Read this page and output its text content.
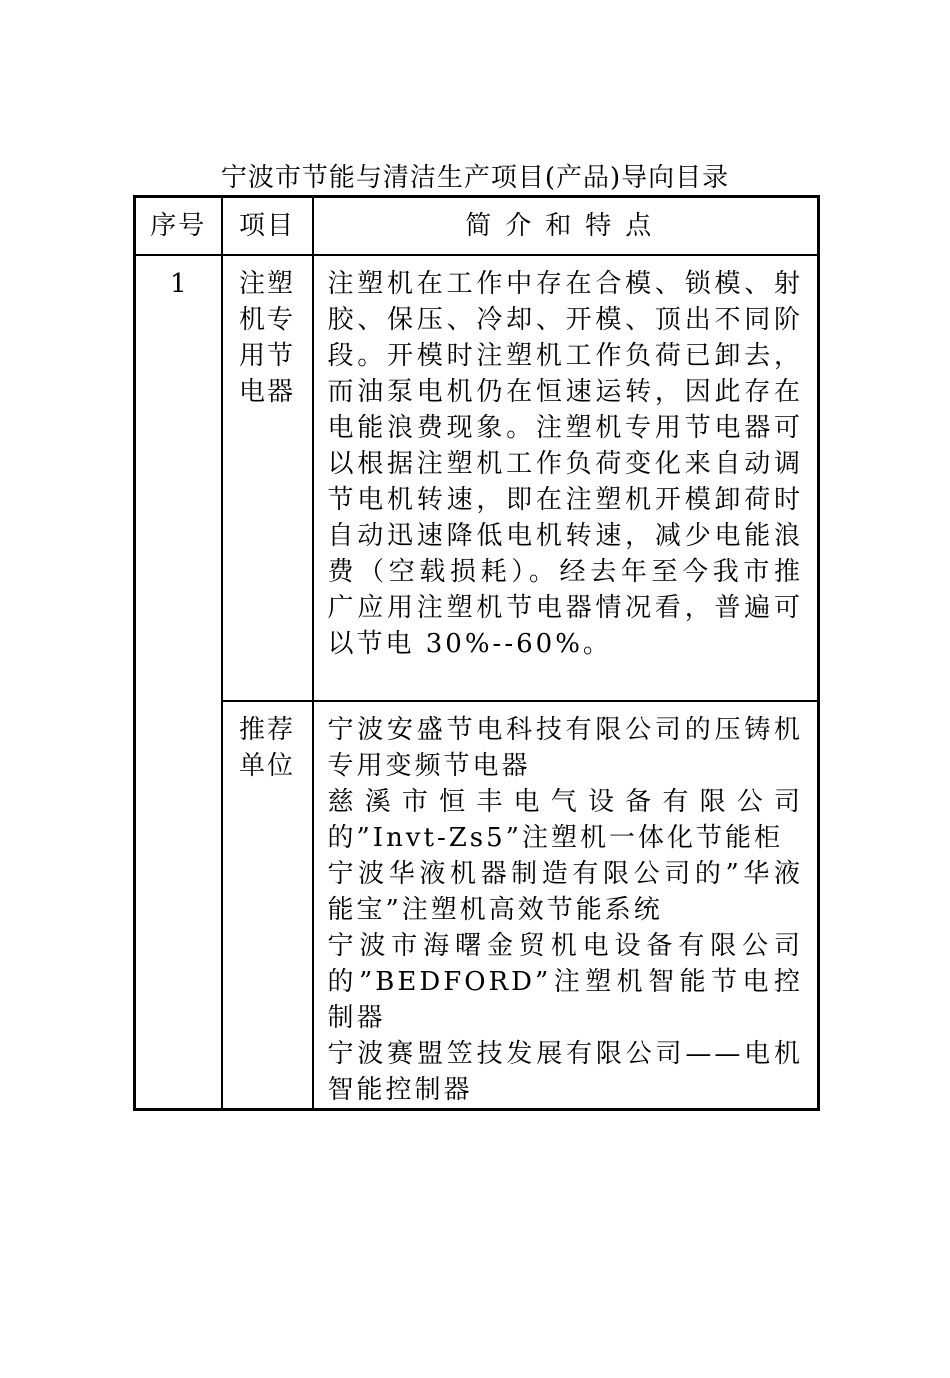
宁波市节能与清洁生产项目(产品)导向目录
序号	项目	简介和特点
1	注塑机专用节电器	注塑机在工作中存在合模、锁模、射胶、保压、冷却、开模、顶出不同阶段。开模时注塑机工作负荷已卸去，而油泵电机仍在恒速运转，因此存在电能浪费现象。注塑机专用节电器可以根据注塑机工作负荷变化来自动调节电机转速，即在注塑机开模卸荷时自动迅速降低电机转速，减少电能浪费（空载损耗）。经去年至今我市推广应用注塑机节电器情况看，普遍可以节电 30%--60%。

	推荐单位	宁波安盛节电科技有限公司的压铸机专用变频节电器
慈溪市恒丰电气设备有限公司的”Invt-Zs5”注塑机一体化节能柜
宁波华液机器制造有限公司的”华液能宝”注塑机高效节能系统
宁波市海曙金贸机电设备有限公司的”BEDFORD”注塑机智能节电控制器
宁波赛盟笠技发展有限公司——电机智能控制器
